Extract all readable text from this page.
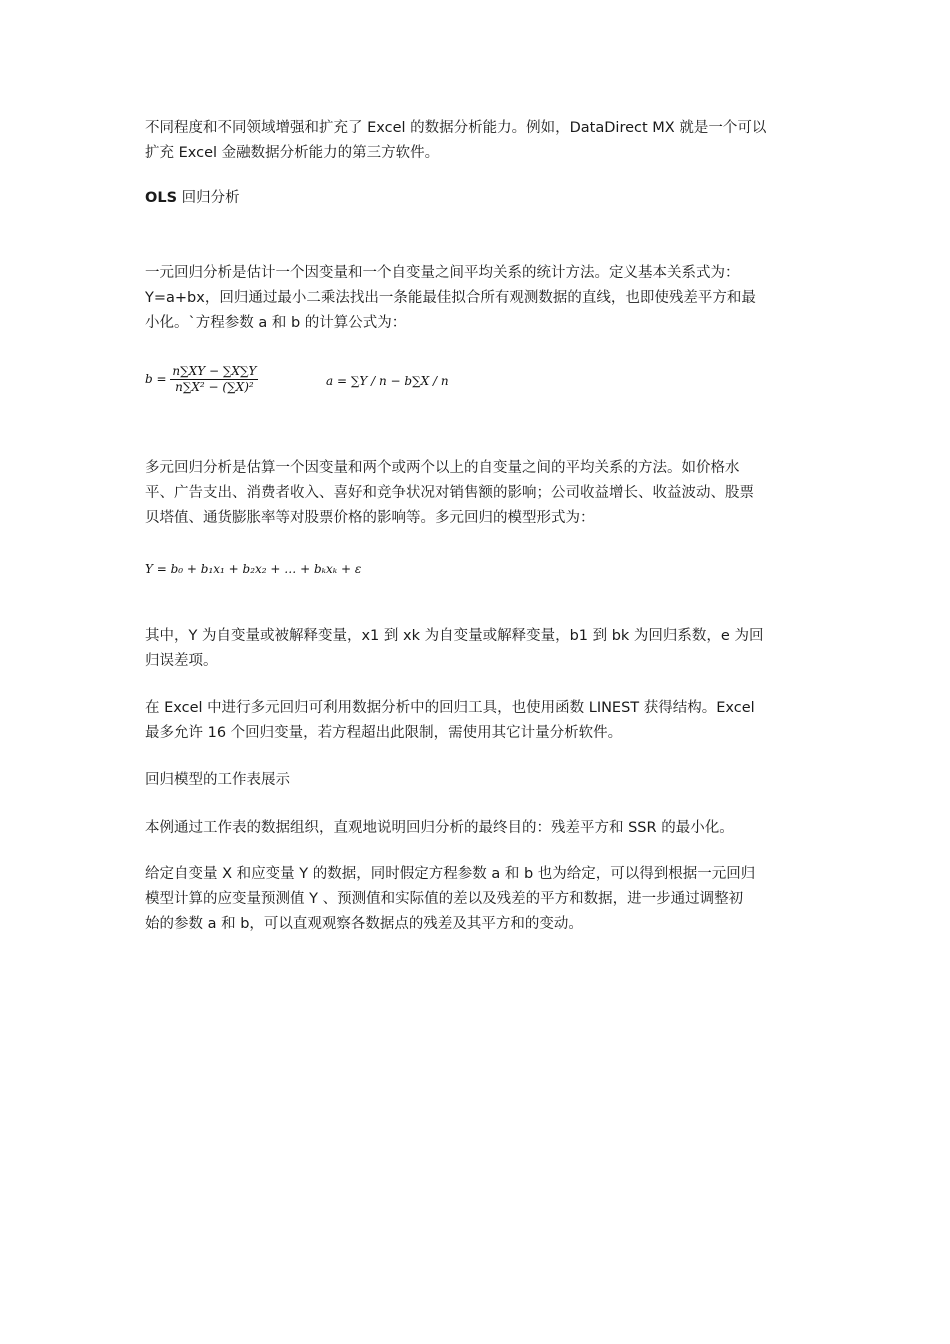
不同程度和不同领域增强和扩充了 Excel 的数据分析能力。例如，DataDirect MX 就是一个可以
扩充 Excel 金融数据分析能力的第三方软件。
OLS 回归分析
一元回归分析是估计一个因变量和一个自变量之间平均关系的统计方法。定义基本关系式为：
Y=a+bx，回归通过最小二乘法找出一条能最佳拟合所有观测数据的直线，也即使残差平方和最
小化。`方程参数 a 和 b 的计算公式为：
$b = \frac{n\sum XY - \sum X\sum Y}{\text{n∑X² − (∑X)²}}$	a = ∑Y / n − b∑X / n
多元回归分析是估算一个因变量和两个或两个以上的自变量之间的平均关系的方法。如价格水
平、广告支出、消费者收入、喜好和竞争状况对销售额的影响；公司收益增长、收益波动、股票
贝塔值、通货膨胀率等对股票价格的影响等。多元回归的模型形式为：
Y = b₀ + b₁x₁ + b₂x₂ + … + bₖxₖ + ε
其中，Y 为自变量或被解释变量，x1 到 xk 为自变量或解释变量，b1 到 bk 为回归系数，e 为回
归误差项。
在 Excel 中进行多元回归可利用数据分析中的回归工具，也使用函数 LINEST 获得结构。Excel
最多允许 16 个回归变量，若方程超出此限制，需使用其它计量分析软件。
回归模型的工作表展示
本例通过工作表的数据组织，直观地说明回归分析的最终目的：残差平方和 SSR 的最小化。
给定自变量 X 和应变量 Y 的数据，同时假定方程参数 a 和 b 也为给定，可以得到根据一元回归
模型计算的应变量预测值 Y 、预测值和实际值的差以及残差的平方和数据，进一步通过调整初
始的参数 a 和 b，可以直观观察各数据点的残差及其平方和的变动。
